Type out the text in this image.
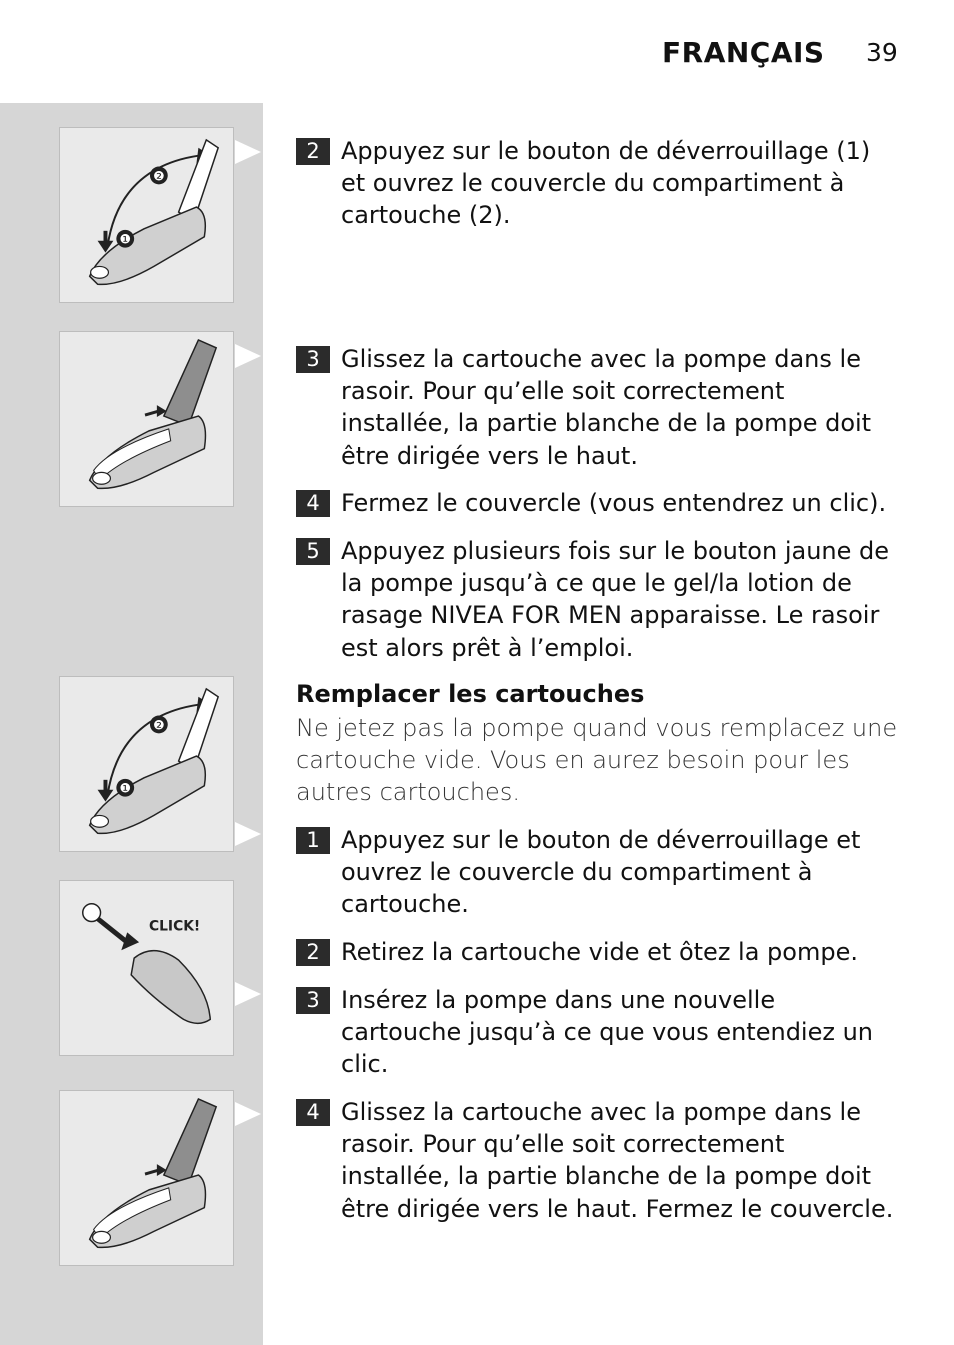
FRANÇAIS 39
❶
❷
❶
❷
CLICK!
2 Appuyez sur le bouton de déverrouillage (1) et ouvrez le couvercle du compartiment à cartouche (2).
3 Glissez la cartouche avec la pompe dans le rasoir. Pour qu’elle soit correctement installée, la partie blanche de la pompe doit être dirigée vers le haut.
4 Fermez le couvercle (vous entendrez un clic).
5 Appuyez plusieurs fois sur le bouton jaune de la pompe jusqu’à ce que le gel/la lotion de rasage NIVEA FOR MEN apparaisse. Le rasoir est alors prêt à l’emploi.
Remplacer les cartouches
Ne jetez pas la pompe quand vous remplacez une cartouche vide. Vous en aurez besoin pour les autres cartouches.
1 Appuyez sur le bouton de déverrouillage et ouvrez le couvercle du compartiment à cartouche.
2 Retirez la cartouche vide et ôtez la pompe.
3 Insérez la pompe dans une nouvelle cartouche jusqu’à ce que vous entendiez un clic.
4 Glissez la cartouche avec la pompe dans le rasoir. Pour qu’elle soit correctement installée, la partie blanche de la pompe doit être dirigée vers le haut. Fermez le couvercle.
